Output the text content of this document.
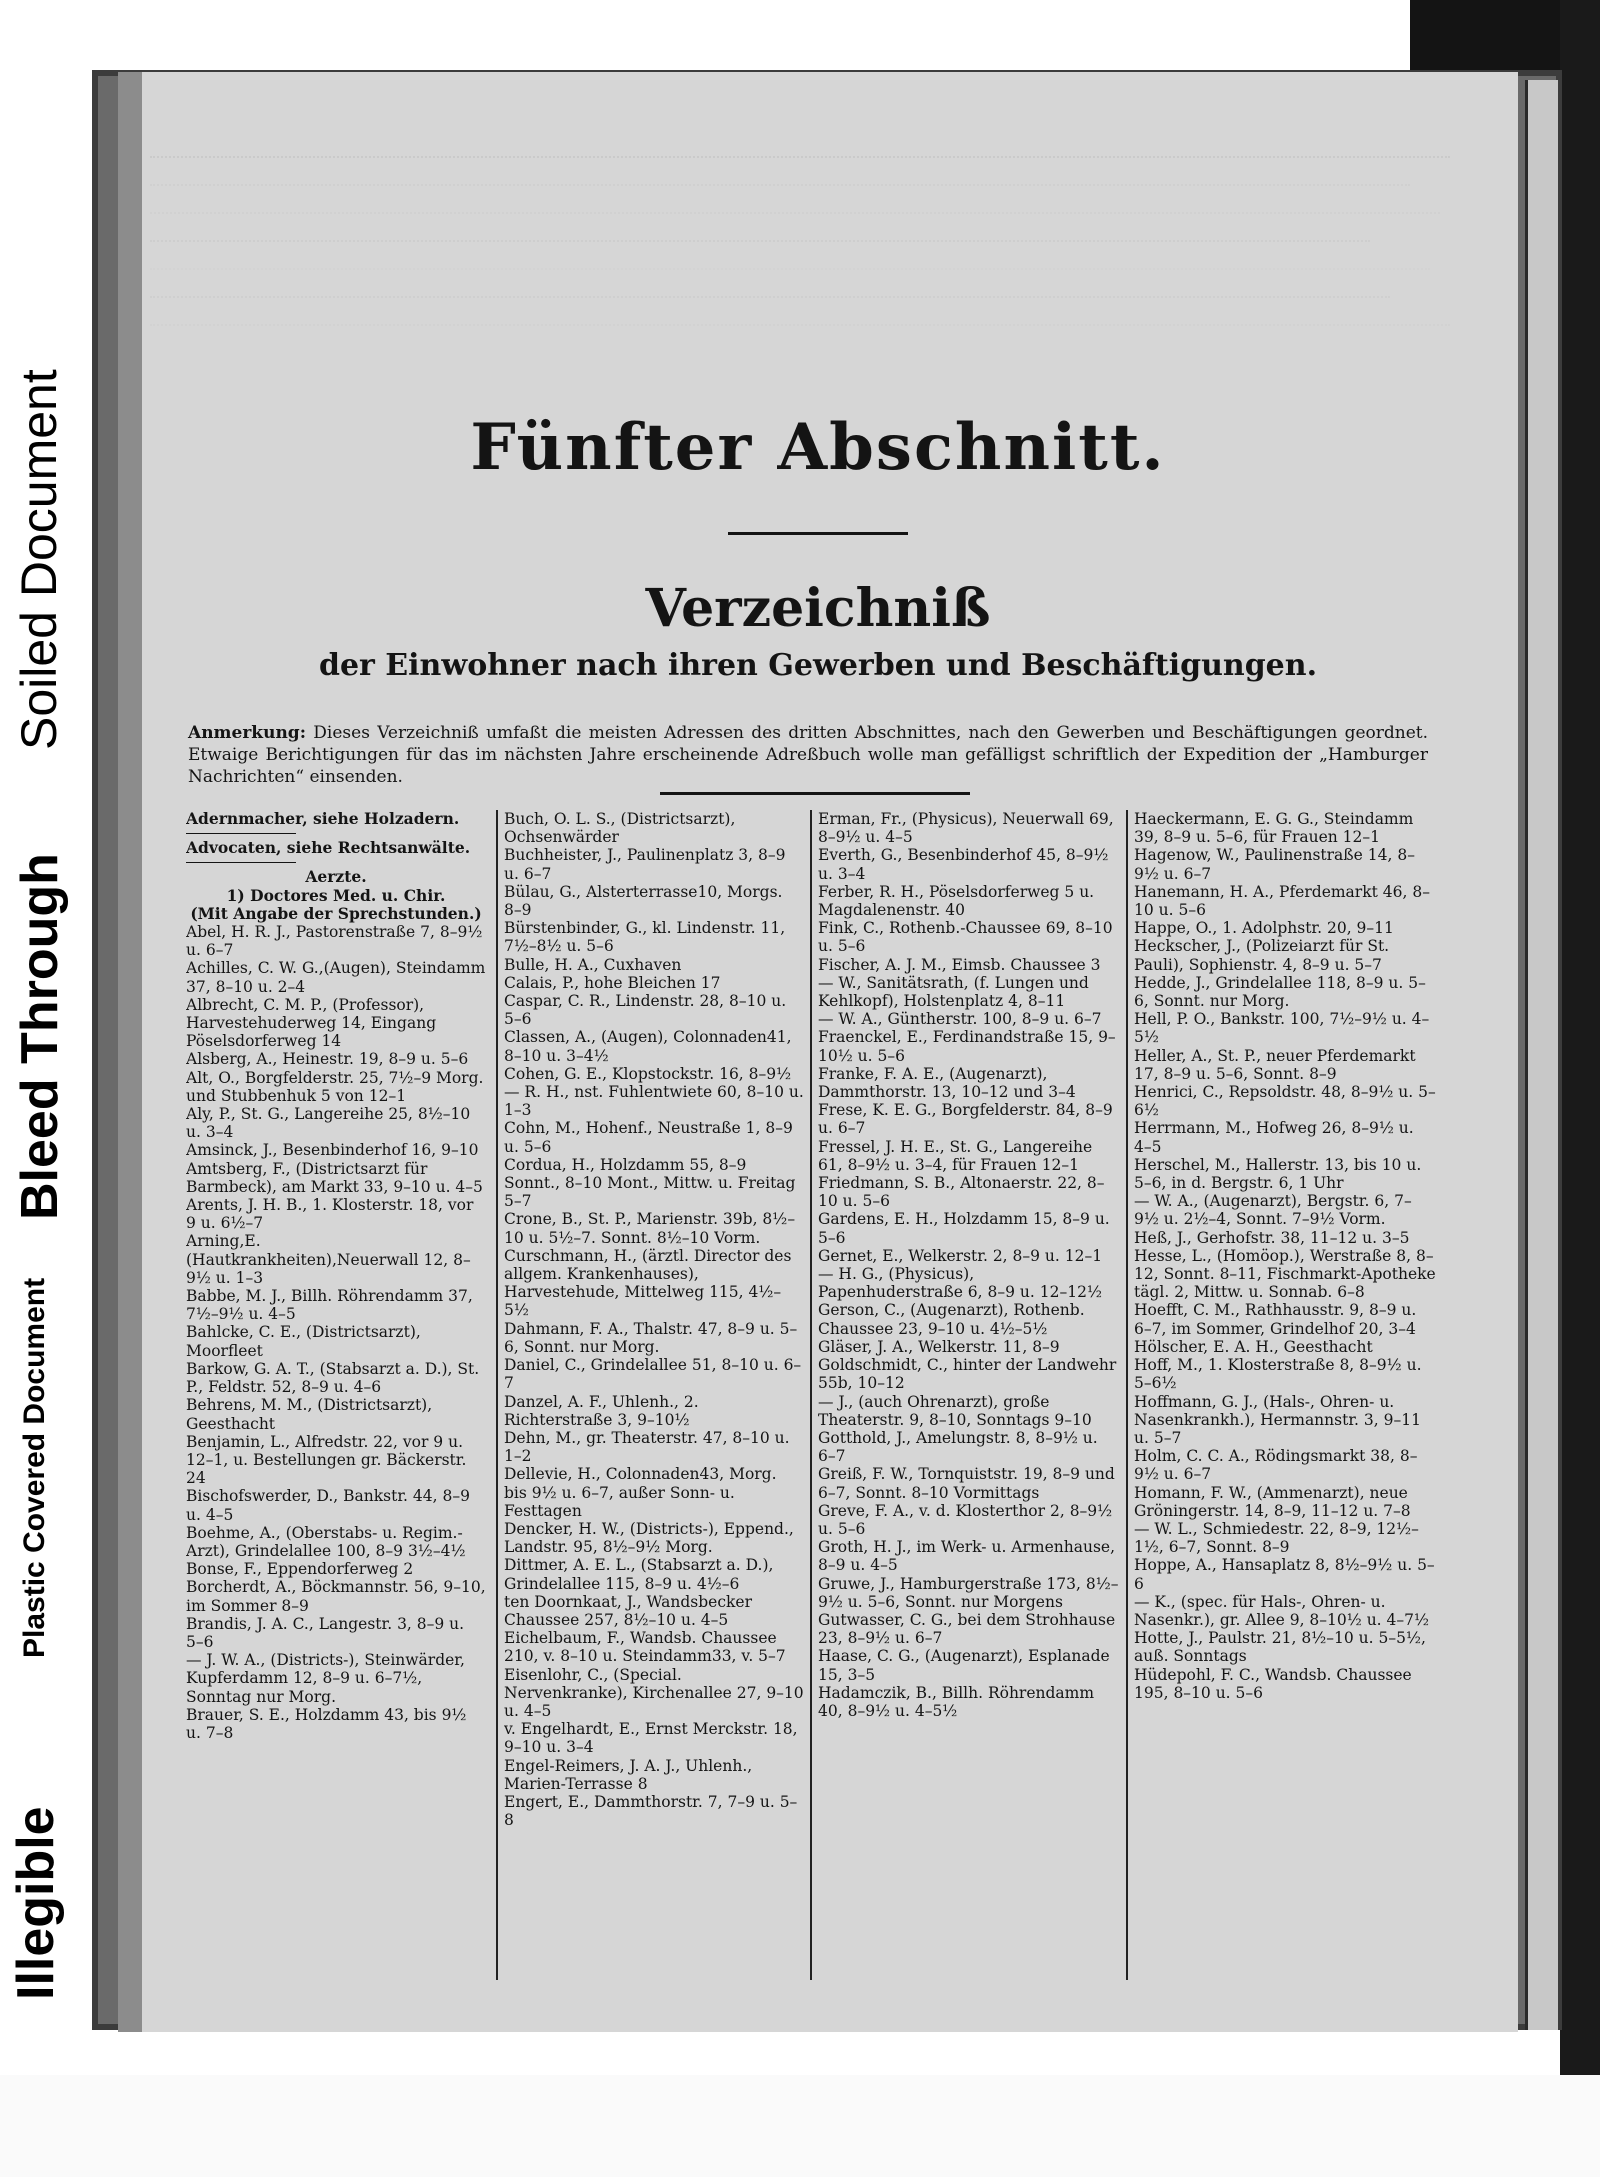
Illegible
Plastic Covered Document
Bleed Through
Soiled Document	Fünfter Abschnitt.
Verzeichniß
der Einwohner nach ihren Gewerben und Beschäftigungen.
Anmerkung: Dieses Verzeichniß umfaßt die meisten Adressen des dritten Abschnittes, nach den Gewerben und Beschäftigungen geordnet. Etwaige Berichtigungen für das im nächsten Jahre erscheinende Adreßbuch wolle man gefälligst schriftlich der Expedition der „Hamburger Nachrichten“ einsenden.
Adernmacher, siehe Holzadern.
Advocaten, siehe Rechtsanwälte.
Aerzte.
1) Doctores Med. u. Chir.
(Mit Angabe der Sprechstunden.)
Abel, H. R. J., Pastorenstraße 7, 8–9½ u. 6–7
Achilles, C. W. G.,(Augen), Steindamm 37, 8–10 u. 2–4
Albrecht, C. M. P., (Professor), Harvestehuderweg 14, Eingang Pöselsdorferweg 14
Alsberg, A., Heinestr. 19, 8–9 u. 5–6
Alt, O., Borgfelderstr. 25, 7½–9 Morg. und Stubbenhuk 5 von 12–1
Aly, P., St. G., Langereihe 25, 8½–10 u. 3–4
Amsinck, J., Besenbinderhof 16, 9–10
Amtsberg, F., (Districtsarzt für Barmbeck), am Markt 33, 9–10 u. 4–5
Arents, J. H. B., 1. Klosterstr. 18, vor 9 u. 6½–7
Arning,E.(Hautkrankheiten),Neuerwall 12, 8–9½ u. 1–3
Babbe, M. J., Billh. Röhrendamm 37, 7½–9½ u. 4–5
Bahlcke, C. E., (Districtsarzt), Moorfleet
Barkow, G. A. T., (Stabsarzt a. D.), St. P., Feldstr. 52, 8–9 u. 4–6
Behrens, M. M., (Districtsarzt), Geesthacht
Benjamin, L., Alfredstr. 22, vor 9 u. 12–1, u. Bestellungen gr. Bäckerstr. 24
Bischofswerder, D., Bankstr. 44, 8–9 u. 4–5
Boehme, A., (Oberstabs- u. Regim.-Arzt), Grindelallee 100, 8–9 3½–4½
Bonse, F., Eppendorferweg 2
Borcherdt, A., Böckmannstr. 56, 9–10, im Sommer 8–9
Brandis, J. A. C., Langestr. 3, 8–9 u. 5–6
— J. W. A., (Districts-), Steinwärder, Kupferdamm 12, 8–9 u. 6–7½, Sonntag nur Morg.
Brauer, S. E., Holzdamm 43, bis 9½ u. 7–8
Buch, O. L. S., (Districtsarzt), Ochsenwärder
Buchheister, J., Paulinenplatz 3, 8–9 u. 6–7
Bülau, G., Alsterterrasse10, Morgs. 8–9
Bürstenbinder, G., kl. Lindenstr. 11, 7½–8½ u. 5–6
Bulle, H. A., Cuxhaven
Calais, P., hohe Bleichen 17
Caspar, C. R., Lindenstr. 28, 8–10 u. 5–6
Classen, A., (Augen), Colonnaden41, 8–10 u. 3–4½
Cohen, G. E., Klopstockstr. 16, 8–9½
— R. H., nst. Fuhlentwiete 60, 8–10 u. 1–3
Cohn, M., Hohenf., Neustraße 1, 8–9 u. 5–6
Cordua, H., Holzdamm 55, 8–9 Sonnt., 8–10 Mont., Mittw. u. Freitag 5–7
Crone, B., St. P., Marienstr. 39b, 8½–10 u. 5½–7. Sonnt. 8½–10 Vorm.
Curschmann, H., (ärztl. Director des allgem. Krankenhauses), Harvestehude, Mittelweg 115, 4½–5½
Dahmann, F. A., Thalstr. 47, 8–9 u. 5–6, Sonnt. nur Morg.
Daniel, C., Grindelallee 51, 8–10 u. 6–7
Danzel, A. F., Uhlenh., 2. Richterstraße 3, 9–10½
Dehn, M., gr. Theaterstr. 47, 8–10 u. 1–2
Dellevie, H., Colonnaden43, Morg. bis 9½ u. 6–7, außer Sonn- u. Festtagen
Dencker, H. W., (Districts-), Eppend., Landstr. 95, 8½–9½ Morg.
Dittmer, A. E. L., (Stabsarzt a. D.), Grindelallee 115, 8–9 u. 4½–6
ten Doornkaat, J., Wandsbecker Chaussee 257, 8½–10 u. 4–5
Eichelbaum, F., Wandsb. Chaussee 210, v. 8–10 u. Steindamm33, v. 5–7
Eisenlohr, C., (Special. Nervenkranke), Kirchenallee 27, 9–10 u. 4–5
v. Engelhardt, E., Ernst Merckstr. 18, 9–10 u. 3–4
Engel-Reimers, J. A. J., Uhlenh., Marien-Terrasse 8
Engert, E., Dammthorstr. 7, 7–9 u. 5–8
Erman, Fr., (Physicus), Neuerwall 69, 8–9½ u. 4–5
Everth, G., Besenbinderhof 45, 8–9½ u. 3–4
Ferber, R. H., Pöselsdorferweg 5 u. Magdalenenstr. 40
Fink, C., Rothenb.-Chaussee 69, 8–10 u. 5–6
Fischer, A. J. M., Eimsb. Chaussee 3
— W., Sanitätsrath, (f. Lungen und Kehlkopf), Holstenplatz 4, 8–11
— W. A., Güntherstr. 100, 8–9 u. 6–7
Fraenckel, E., Ferdinandstraße 15, 9–10½ u. 5–6
Franke, F. A. E., (Augenarzt), Dammthorstr. 13, 10–12 und 3–4
Frese, K. E. G., Borgfelderstr. 84, 8–9 u. 6–7
Fressel, J. H. E., St. G., Langereihe 61, 8–9½ u. 3–4, für Frauen 12–1
Friedmann, S. B., Altonaerstr. 22, 8–10 u. 5–6
Gardens, E. H., Holzdamm 15, 8–9 u. 5–6
Gernet, E., Welkerstr. 2, 8–9 u. 12–1
— H. G., (Physicus), Papenhuderstraße 6, 8–9 u. 12–12½
Gerson, C., (Augenarzt), Rothenb. Chaussee 23, 9–10 u. 4½–5½
Gläser, J. A., Welkerstr. 11, 8–9
Goldschmidt, C., hinter der Landwehr 55b, 10–12
— J., (auch Ohrenarzt), große Theaterstr. 9, 8–10, Sonntags 9–10
Gotthold, J., Amelungstr. 8, 8–9½ u. 6–7
Greiß, F. W., Tornquiststr. 19, 8–9 und 6–7, Sonnt. 8–10 Vormittags
Greve, F. A., v. d. Klosterthor 2, 8–9½ u. 5–6
Groth, H. J., im Werk- u. Armenhause, 8–9 u. 4–5
Gruwe, J., Hamburgerstraße 173, 8½–9½ u. 5–6, Sonnt. nur Morgens
Gutwasser, C. G., bei dem Strohhause 23, 8–9½ u. 6–7
Haase, C. G., (Augenarzt), Esplanade 15, 3–5
Hadamczik, B., Billh. Röhrendamm 40, 8–9½ u. 4–5½
Haeckermann, E. G. G., Steindamm 39, 8–9 u. 5–6, für Frauen 12–1
Hagenow, W., Paulinenstraße 14, 8–9½ u. 6–7
Hanemann, H. A., Pferdemarkt 46, 8–10 u. 5–6
Happe, O., 1. Adolphstr. 20, 9–11
Heckscher, J., (Polizeiarzt für St. Pauli), Sophienstr. 4, 8–9 u. 5–7
Hedde, J., Grindelallee 118, 8–9 u. 5–6, Sonnt. nur Morg.
Hell, P. O., Bankstr. 100, 7½–9½ u. 4–5½
Heller, A., St. P., neuer Pferdemarkt 17, 8–9 u. 5–6, Sonnt. 8–9
Henrici, C., Repsoldstr. 48, 8–9½ u. 5–6½
Herrmann, M., Hofweg 26, 8–9½ u. 4–5
Herschel, M., Hallerstr. 13, bis 10 u. 5–6, in d. Bergstr. 6, 1 Uhr
— W. A., (Augenarzt), Bergstr. 6, 7–9½ u. 2½–4, Sonnt. 7–9½ Vorm.
Heß, J., Gerhofstr. 38, 11–12 u. 3–5
Hesse, L., (Homöop.), Werstraße 8, 8–12, Sonnt. 8–11, Fischmarkt-Apotheke tägl. 2, Mittw. u. Sonnab. 6–8
Hoefft, C. M., Rathhausstr. 9, 8–9 u. 6–7, im Sommer, Grindelhof 20, 3–4
Hölscher, E. A. H., Geesthacht
Hoff, M., 1. Klosterstraße 8, 8–9½ u. 5–6½
Hoffmann, G. J., (Hals-, Ohren- u. Nasenkrankh.), Hermannstr. 3, 9–11 u. 5–7
Holm, C. C. A., Rödingsmarkt 38, 8–9½ u. 6–7
Homann, F. W., (Ammenarzt), neue Gröningerstr. 14, 8–9, 11–12 u. 7–8
— W. L., Schmiedestr. 22, 8–9, 12½–1½, 6–7, Sonnt. 8–9
Hoppe, A., Hansaplatz 8, 8½–9½ u. 5–6
— K., (spec. für Hals-, Ohren- u. Nasenkr.), gr. Allee 9, 8–10½ u. 4–7½
Hotte, J., Paulstr. 21, 8½–10 u. 5–5½, auß. Sonntags
Hüdepohl, F. C., Wandsb. Chaussee 195, 8–10 u. 5–6
